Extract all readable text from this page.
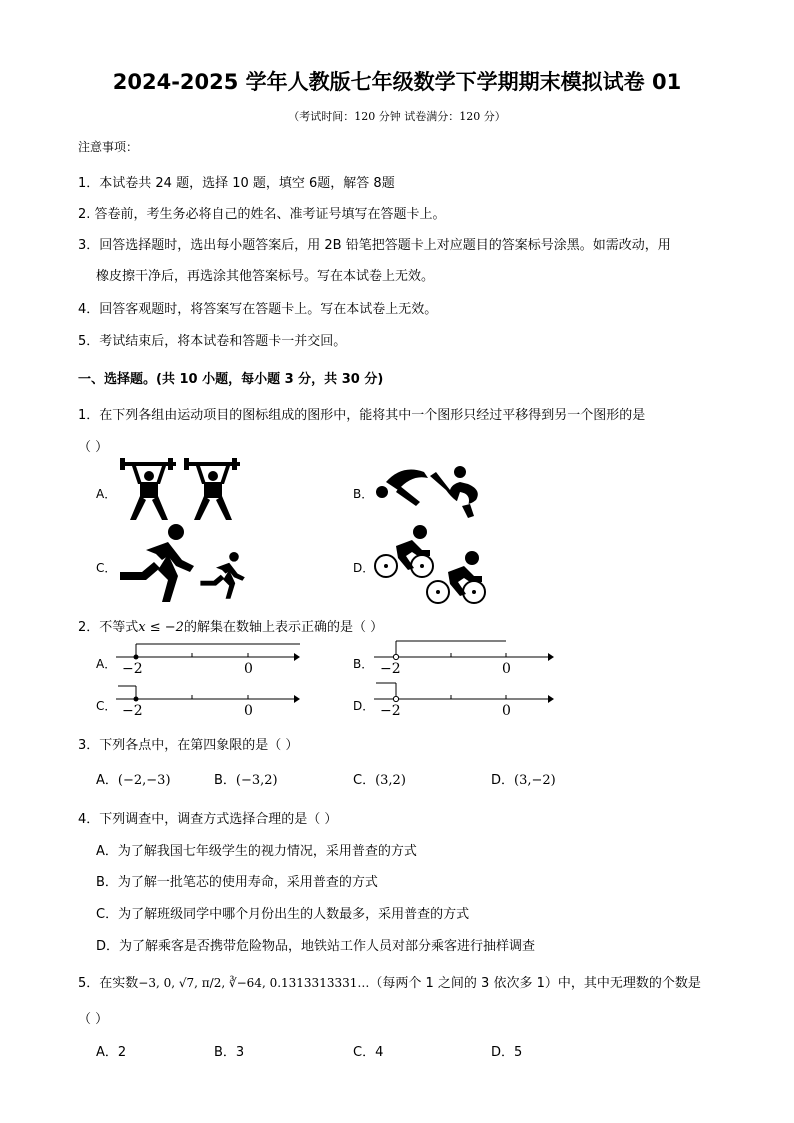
2024-2025 学年人教版七年级数学下学期期末模拟试卷 01
（考试时间：120 分钟 试卷满分：120 分）
注意事项：
1．本试卷共 24 题，选择 10 题，填空 6题，解答 8题
2. 答卷前，考生务必将自己的姓名、准考证号填写在答题卡上。
3．回答选择题时，选出每小题答案后，用 2B 铅笔把答题卡上对应题目的答案标号涂黑。如需改动，用
橡皮擦干净后，再选涂其他答案标号。写在本试卷上无效。
4．回答客观题时，将答案写在答题卡上。写在本试卷上无效。
5．考试结束后，将本试卷和答题卡一并交回。
一、选择题。(共 10 小题，每小题 3 分，共 30 分)
1．在下列各组由运动项目的图标组成的图形中，能将其中一个图形只经过平移得到另一个图形的是
（ ）
A．	B．
C．	D．
2．不等式x ≤ −2的解集在数轴上表示正确的是（ ）
A．	B．
C．	D．
−2	0	−2	0
−2	0	−2	0
3．下列各点中，在第四象限的是（ ）
A．(−2,−3)	B．(−3,2)	C．(3,2)	D．(3,−2)
4．下列调查中，调查方式选择合理的是（ ）
A．为了解我国七年级学生的视力情况，采用普查的方式
B．为了解一批笔芯的使用寿命，采用普查的方式
C．为了解班级同学中哪个月份出生的人数最多，采用普查的方式
D．为了解乘客是否携带危险物品，地铁站工作人员对部分乘客进行抽样调查
5．在实数−3, 0, √7, π/2, ∛−64, 0.1313313331…（每两个 1 之间的 3 依次多 1）中，其中无理数的个数是
（ ）
A．2	B．3	C．4	D．5
